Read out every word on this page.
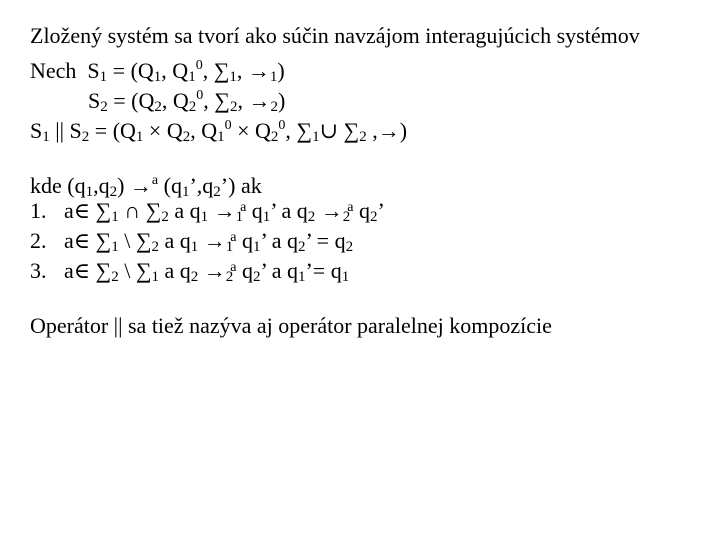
Zložený systém sa tvorí ako súčin navzájom interagujúcich systémov
Nech $S_1 = (Q_1$, $Q_1^0$, $\sum_1$, $\to_1$)
$S_2 = (Q_2$, $Q_2^0$, $\sum_2$, $\to_2$)
$S_1$ || $S_2 = (Q_1 \times Q_2$, $Q_1^0 \times Q_2^0$, $\sum_1\cup$ $\sum_2$ ,→)
kde $(q_1,q_2) \to^a$ $(q_1’,q_2’)$ ak
1. a∈ $\sum_1$ ∩ $\sum_2$ a $q_1 \to_1^a$ $q_1$’ a $q_2 \to_2^a$ $q_2$’
2. a∈ $\sum_1$ \ $\sum_2$ a $q_1 \to_1^a$ $q_1$’ a $q_2$’ = $q_2$
3. a∈ $\sum_2$ \ $\sum_1$ a $q_2 \to_2^a$ $q_2$’ a $q_1’= q_1$
Operátor || sa tiež nazýva aj operátor paralelnej kompozície
